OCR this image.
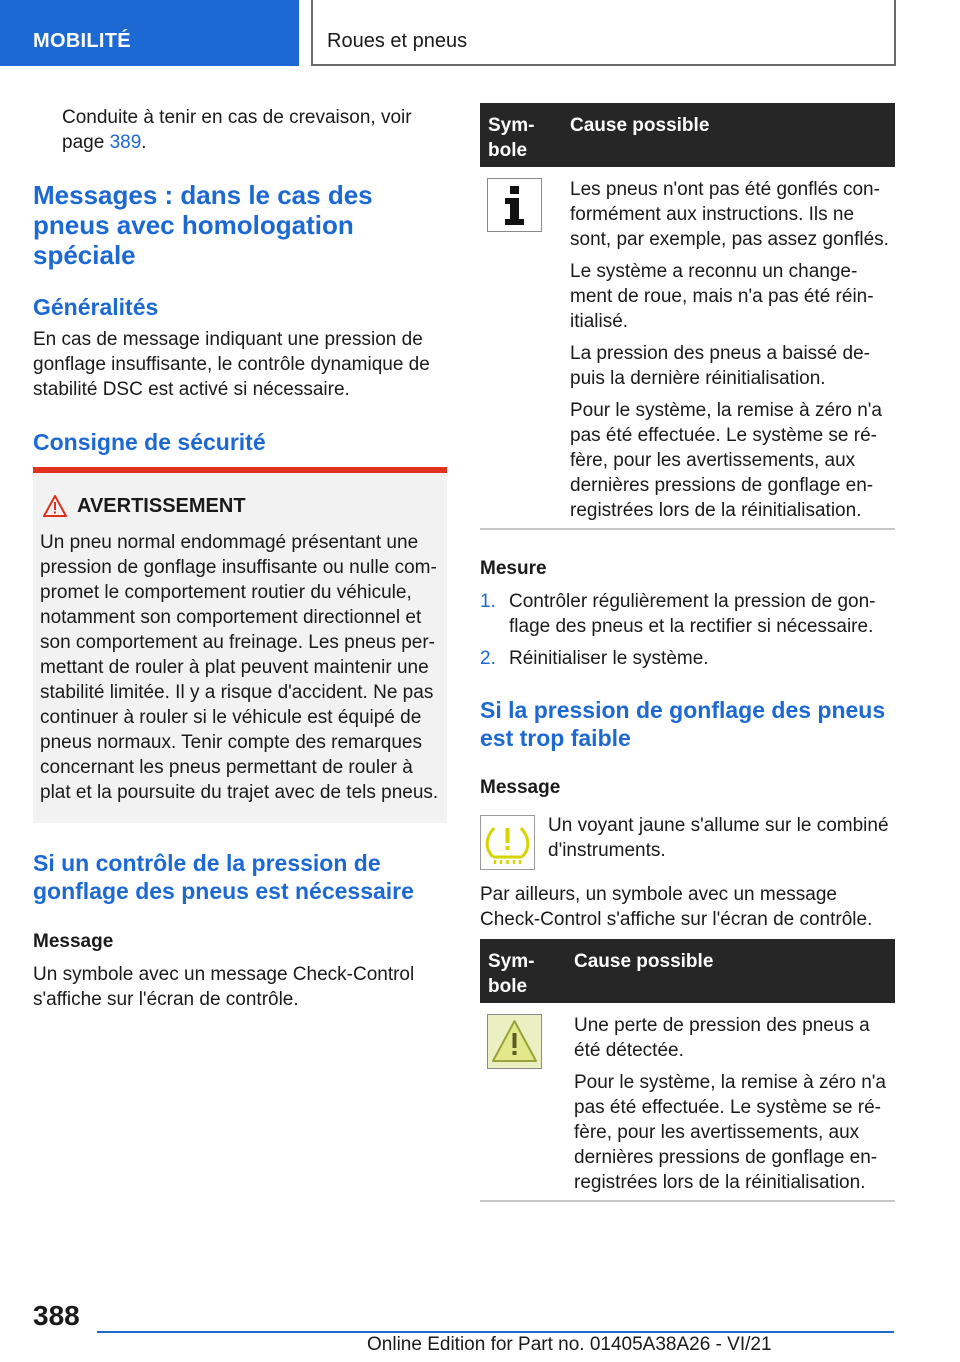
MOBILITÉ	Roues et pneus
Conduite à tenir en cas de crevaison, voir
page 389.
Messages : dans le cas des
pneus avec homologation
spéciale
Généralités
En cas de message indiquant une pression de
gonflage insuffisante, le contrôle dynamique de
stabilité DSC est activé si nécessaire.
Consigne de sécurité
AVERTISSEMENT
Un pneu normal endommagé présentant une
pression de gonflage insuffisante ou nulle com-
promet le comportement routier du véhicule,
notamment son comportement directionnel et
son comportement au freinage. Les pneus per-
mettant de rouler à plat peuvent maintenir une
stabilité limitée. Il y a risque d'accident. Ne pas
continuer à rouler si le véhicule est équipé de
pneus normaux. Tenir compte des remarques
concernant les pneus permettant de rouler à
plat et la poursuite du trajet avec de tels pneus.
Si un contrôle de la pression de
gonflage des pneus est nécessaire
Message
Un symbole avec un message Check-Control
s'affiche sur l'écran de contrôle.
Sym-
bole
Cause possible
Les pneus n'ont pas été gonflés con-
formément aux instructions. Ils ne
sont, par exemple, pas assez gonflés.
Le système a reconnu un change-
ment de roue, mais n'a pas été réin-
itialisé.
La pression des pneus a baissé de-
puis la dernière réinitialisation.
Pour le système, la remise à zéro n'a
pas été effectuée. Le système se ré-
fère, pour les avertissements, aux
dernières pressions de gonflage en-
registrées lors de la réinitialisation.
Mesure
1. Contrôler régulièrement la pression de gon-
flage des pneus et la rectifier si nécessaire.
2. Réinitialiser le système.
Si la pression de gonflage des pneus
est trop faible
Message
Un voyant jaune s'allume sur le combiné
d'instruments.
Par ailleurs, un symbole avec un message
Check-Control s'affiche sur l'écran de contrôle.
Sym-
bole
Cause possible
Une perte de pression des pneus a
été détectée.
Pour le système, la remise à zéro n'a
pas été effectuée. Le système se ré-
fère, pour les avertissements, aux
dernières pressions de gonflage en-
registrées lors de la réinitialisation.
388
Online Edition for Part no. 01405A38A26 - VI/21
